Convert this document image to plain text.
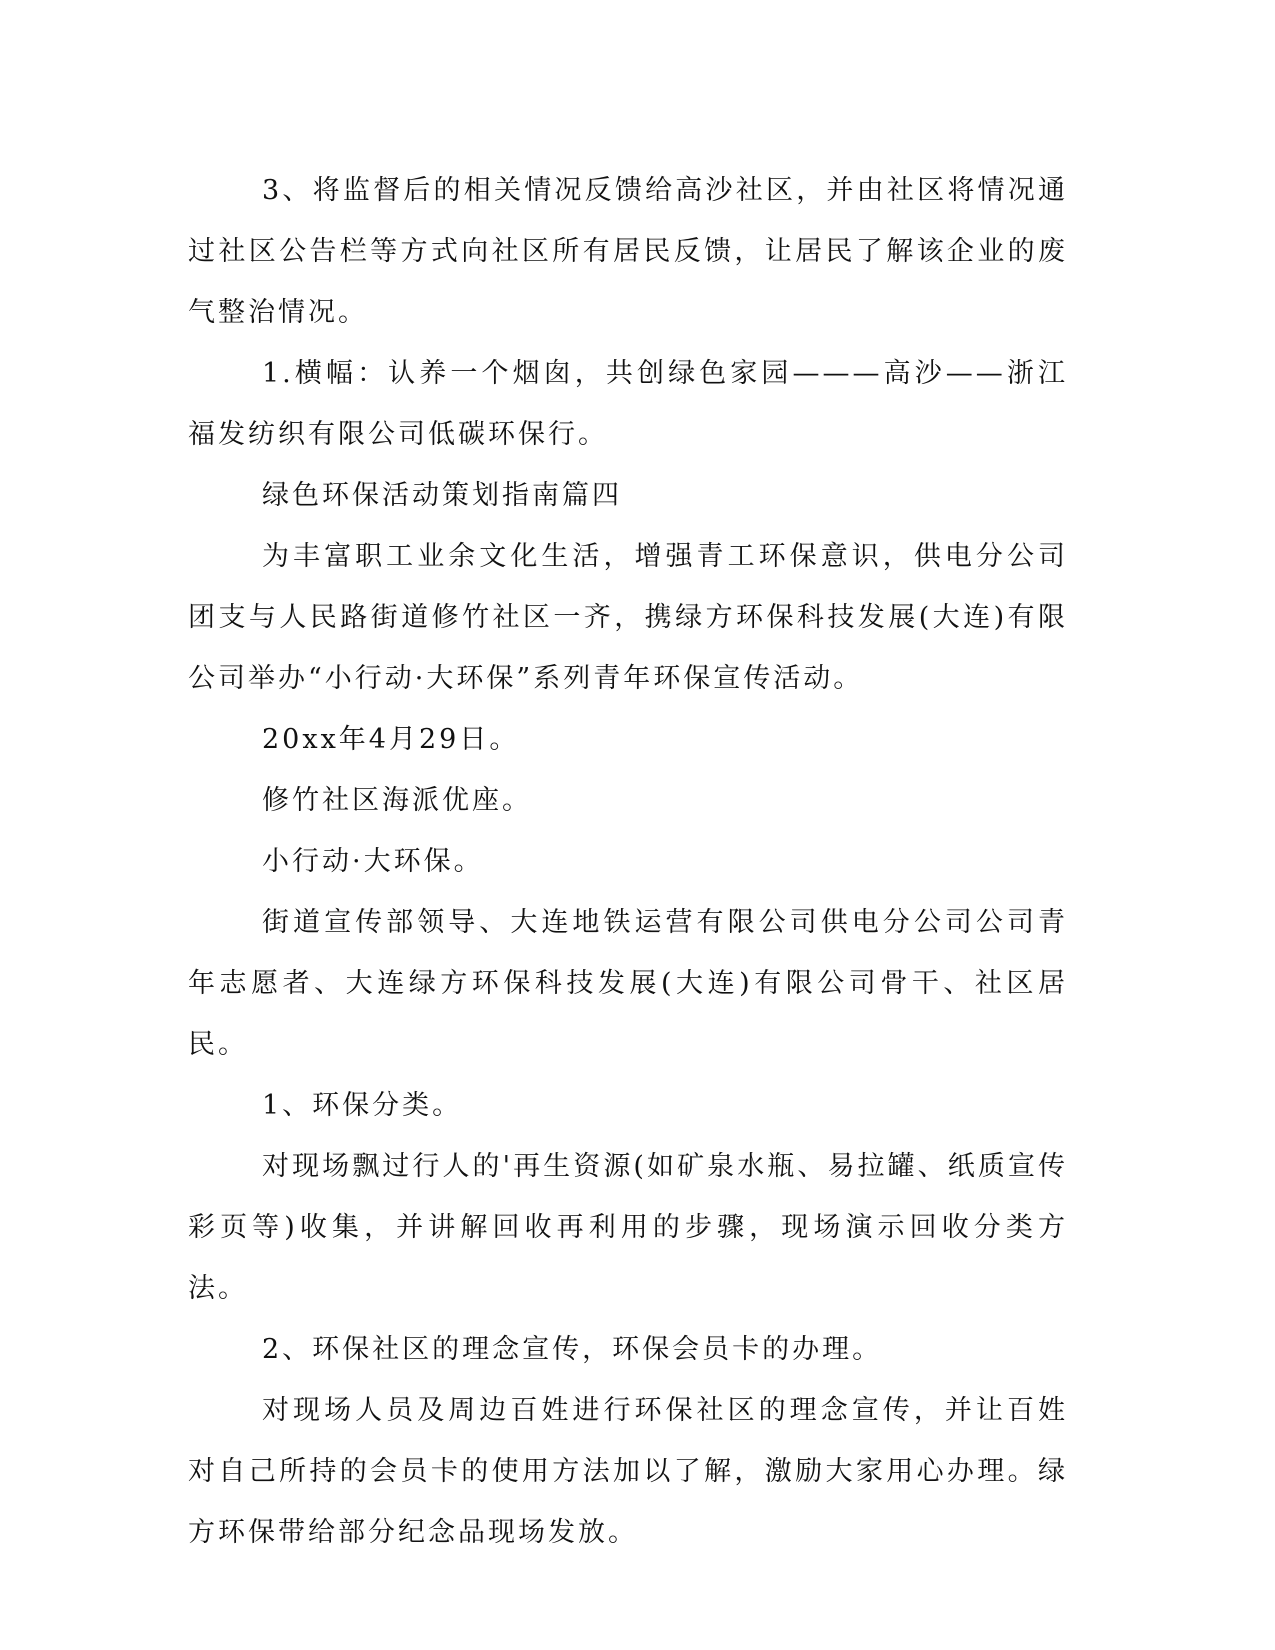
3、将监督后的相关情况反馈给高沙社区，并由社区将情况通过社区公告栏等方式向社区所有居民反馈，让居民了解该企业的废气整治情况。

1.横幅：认养一个烟囱，共创绿色家园———高沙——浙江福发纺织有限公司低碳环保行。

绿色环保活动策划指南篇四

为丰富职工业余文化生活，增强青工环保意识，供电分公司团支与人民路街道修竹社区一齐，携绿方环保科技发展(大连)有限公司举办“小行动·大环保”系列青年环保宣传活动。

20xx年4月29日。

修竹社区海派优座。

小行动·大环保。

街道宣传部领导、大连地铁运营有限公司供电分公司公司青年志愿者、大连绿方环保科技发展(大连)有限公司骨干、社区居民。

1、环保分类。

对现场飘过行人的'再生资源(如矿泉水瓶、易拉罐、纸质宣传彩页等)收集，并讲解回收再利用的步骤，现场演示回收分类方法。

2、环保社区的理念宣传，环保会员卡的办理。

对现场人员及周边百姓进行环保社区的理念宣传，并让百姓对自己所持的会员卡的使用方法加以了解，激励大家用心办理。绿方环保带给部分纪念品现场发放。
